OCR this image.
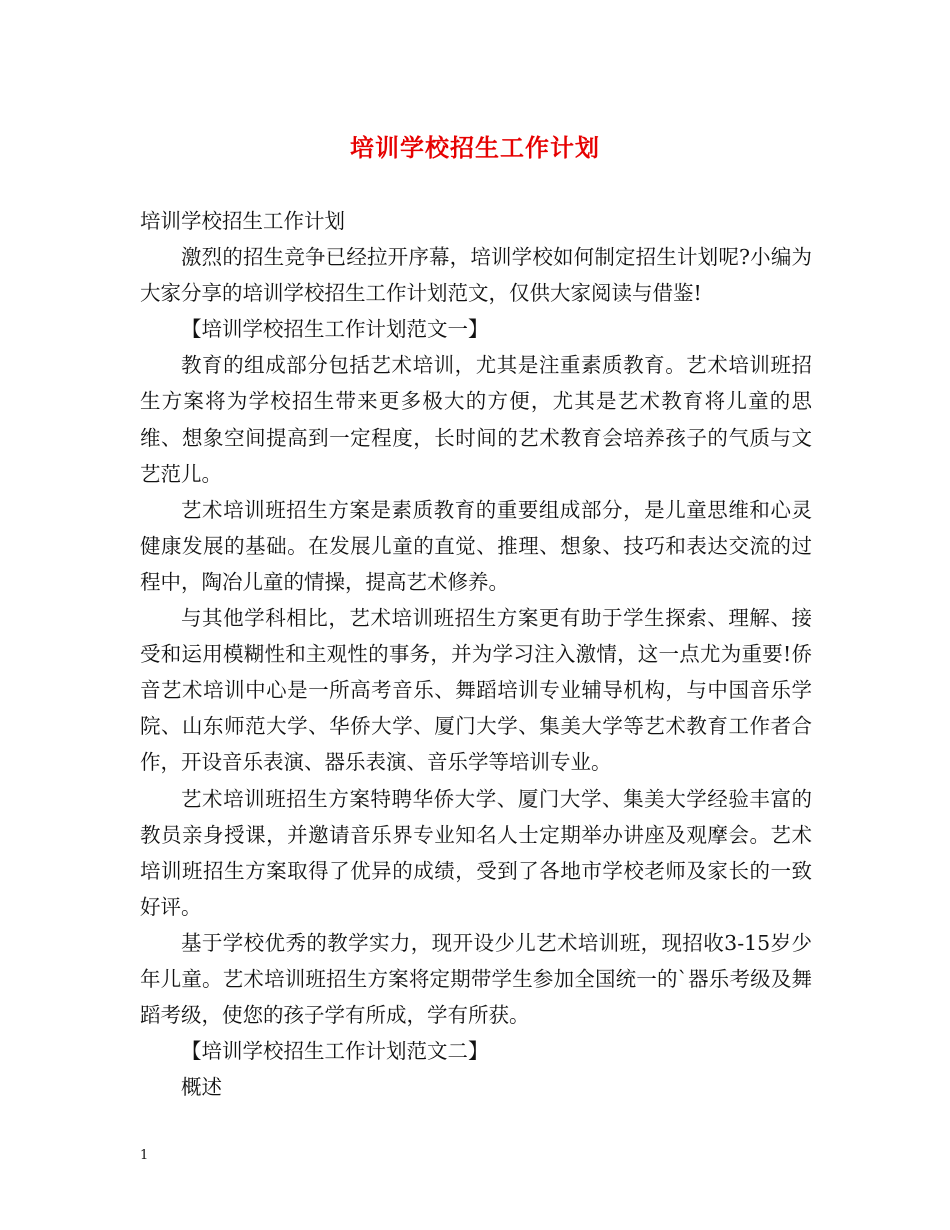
培训学校招生工作计划

培训学校招生工作计划

激烈的招生竞争已经拉开序幕，培训学校如何制定招生计划呢?小编为大家分享的培训学校招生工作计划范文，仅供大家阅读与借鉴!

【培训学校招生工作计划范文一】

教育的组成部分包括艺术培训，尤其是注重素质教育。艺术培训班招生方案将为学校招生带来更多极大的方便，尤其是艺术教育将儿童的思维、想象空间提高到一定程度，长时间的艺术教育会培养孩子的气质与文艺范儿。

艺术培训班招生方案是素质教育的重要组成部分，是儿童思维和心灵健康发展的基础。在发展儿童的直觉、推理、想象、技巧和表达交流的过程中，陶冶儿童的情操，提高艺术修养。

与其他学科相比，艺术培训班招生方案更有助于学生探索、理解、接受和运用模糊性和主观性的事务，并为学习注入激情，这一点尤为重要!侨音艺术培训中心是一所高考音乐、舞蹈培训专业辅导机构，与中国音乐学院、山东师范大学、华侨大学、厦门大学、集美大学等艺术教育工作者合作，开设音乐表演、器乐表演、音乐学等培训专业。

艺术培训班招生方案特聘华侨大学、厦门大学、集美大学经验丰富的教员亲身授课，并邀请音乐界专业知名人士定期举办讲座及观摩会。艺术培训班招生方案取得了优异的成绩，受到了各地市学校老师及家长的一致好评。

基于学校优秀的教学实力，现开设少儿艺术培训班，现招收3-15岁少年儿童。艺术培训班招生方案将定期带学生参加全国统一的`器乐考级及舞蹈考级，使您的孩子学有所成，学有所获。

【培训学校招生工作计划范文二】

概述

1
